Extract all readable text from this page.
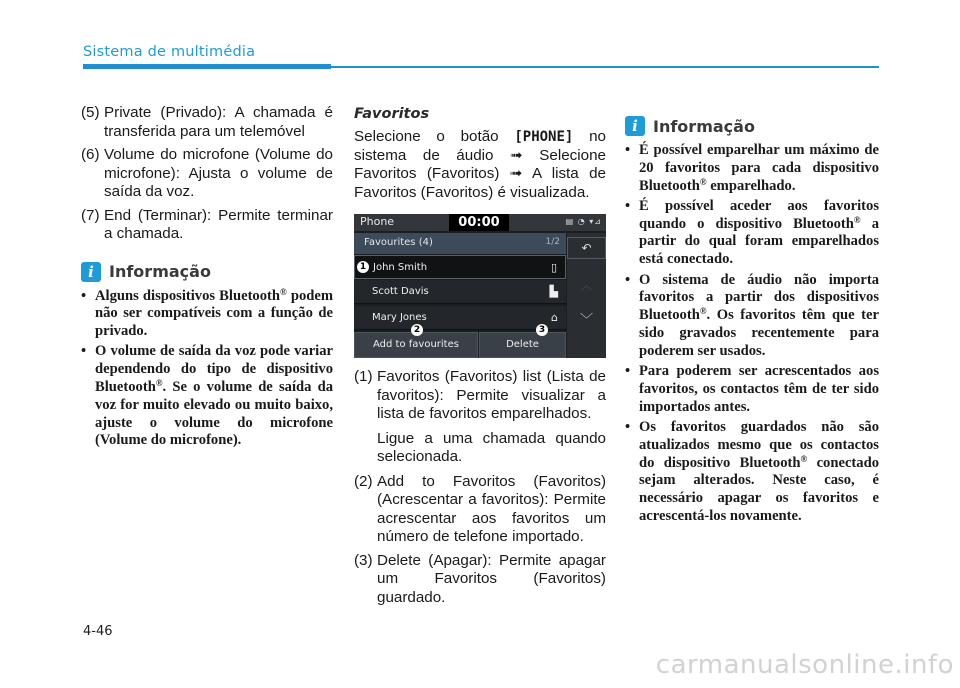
Sistema de multimédia
(5) Private (Privado): A chamada é transferida para um telemóvel
(6) Volume do microfone (Volume do microfone): Ajusta o volume de saída da voz.
(7) End (Terminar): Permite terminar a chamada.
i Informação
• Alguns dispositivos Bluetooth® podem não ser compatíveis com a função de privado.
• O volume de saída da voz pode variar dependendo do tipo de dispositivo Bluetooth®. Se o volume de saída da voz for muito elevado ou muito baixo, ajuste o volume do microfone (Volume do microfone).
Favoritos
Selecione o botão [PHONE] no sistema de áudio ➟ Selecione Favoritos (Favoritos) ➟ A lista de Favoritos (Favoritos) é visualizada.
Phone	00:00	▤ ◔ ▾⊿
Favourites (4)	1/2
John Smith	▯
Scott Davis	▙
Mary Jones	⌂
↶
︿
﹀
Add to favourites	Delete
1
2	3
(1) Favoritos (Favoritos) list (Lista de favoritos): Permite visualizar a lista de favoritos emparelhados.
Ligue a uma chamada quando selecionada.
(2) Add to Favoritos (Favoritos) (Acrescentar a favoritos): Permite acrescentar aos favoritos um número de telefone importado.
(3) Delete (Apagar): Permite apagar um Favoritos (Favoritos) guardado.
i Informação
• É possível emparelhar um máximo de 20 favoritos para cada dispositivo Bluetooth® emparelhado.
• É possível aceder aos favoritos quando o dispositivo Bluetooth® a partir do qual foram emparelhados está conectado.
• O sistema de áudio não importa favoritos a partir dos dispositivos Bluetooth®. Os favoritos têm que ter sido gravados recentemente para poderem ser usados.
• Para poderem ser acrescentados aos favoritos, os contactos têm de ter sido importados antes.
• Os favoritos guardados não são atualizados mesmo que os contactos do dispositivo Bluetooth® conectado sejam alterados. Neste caso, é necessário apagar os favoritos e acrescentá-los novamente.
4-46
carmanualsonline.info
